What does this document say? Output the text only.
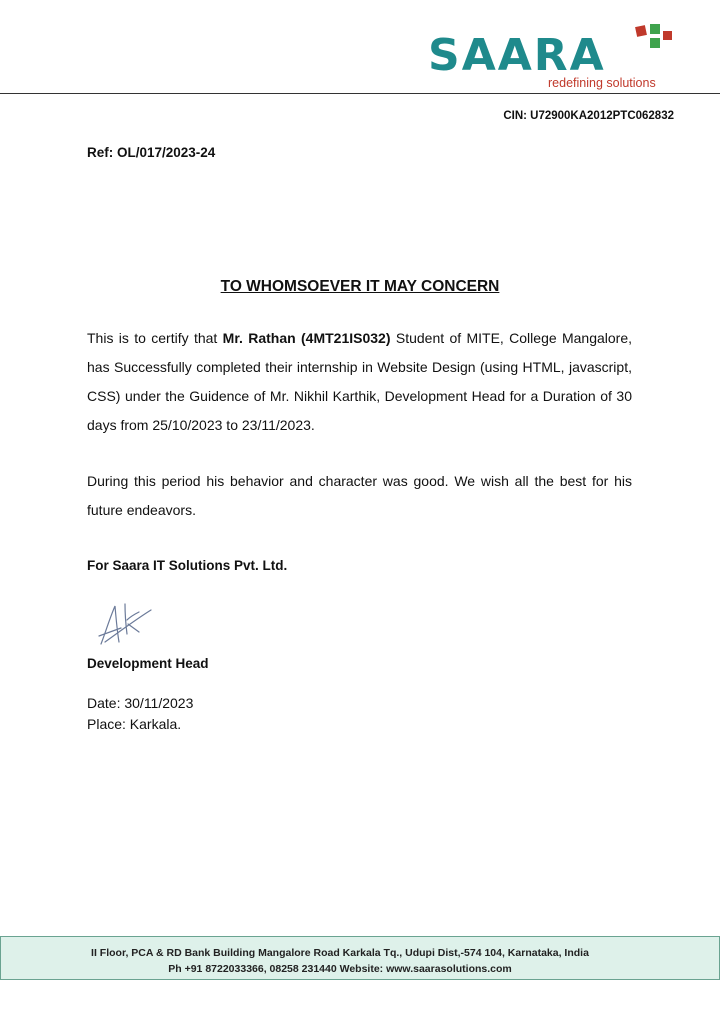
SAARA
redefining solutions
CIN: U72900KA2012PTC062832
Ref: OL/017/2023-24
TO WHOMSOEVER IT MAY CONCERN
This is to certify that Mr. Rathan (4MT21IS032) Student of MITE, College Mangalore, has Successfully completed their internship in Website Design (using HTML, javascript, CSS) under the Guidence of Mr. Nikhil Karthik, Development Head for a Duration of 30 days from 25/10/2023 to 23/11/2023.
During this period his behavior and character was good. We wish all the best for his future endeavors.
For Saara IT Solutions Pvt. Ltd.
Development Head
Date: 30/11/2023
Place: Karkala.
II Floor, PCA & RD Bank Building Mangalore Road Karkala Tq., Udupi Dist,-574 104, Karnataka, India
Ph +91 8722033366, 08258 231440 Website: www.saarasolutions.com
